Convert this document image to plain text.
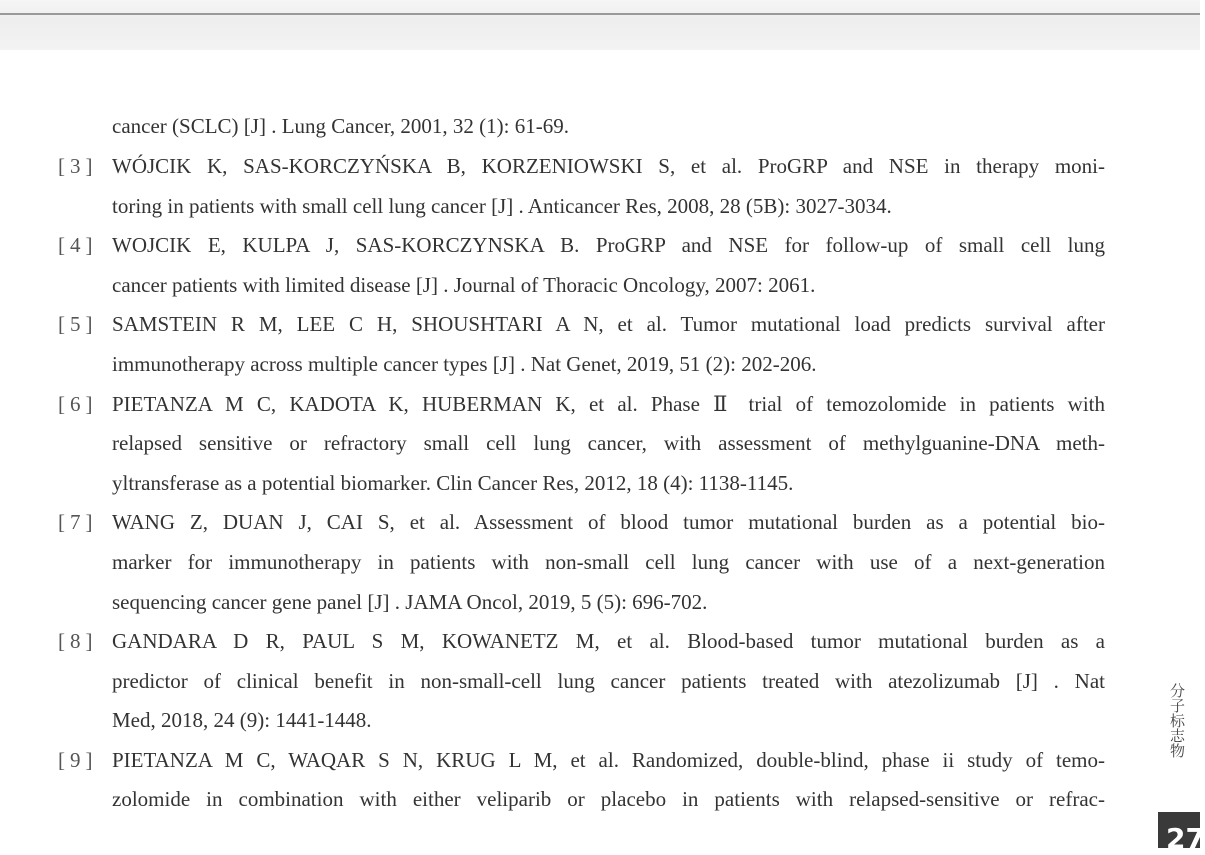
cancer (SCLC) [J] . Lung Cancer, 2001, 32 (1): 61-69.
[3] WÓJCIK K, SAS-KORCZYŃSKA B, KORZENIOWSKI S, et al. ProGRP and NSE in therapy moni-
toring in patients with small cell lung cancer [J] . Anticancer Res, 2008, 28 (5B): 3027-3034.
[4] WOJCIK E, KULPA J, SAS-KORCZYNSKA B. ProGRP and NSE for follow-up of small cell lung
cancer patients with limited disease [J] . Journal of Thoracic Oncology, 2007: 2061.
[5] SAMSTEIN R M, LEE C H, SHOUSHTARI A N, et al. Tumor mutational load predicts survival after
immunotherapy across multiple cancer types [J] . Nat Genet, 2019, 51 (2): 202-206.
[6] PIETANZA M C, KADOTA K, HUBERMAN K, et al. Phase Ⅱ trial of temozolomide in patients with
relapsed sensitive or refractory small cell lung cancer, with assessment of methylguanine-DNA meth-
yltransferase as a potential biomarker. Clin Cancer Res, 2012, 18 (4): 1138-1145.
[7] WANG Z, DUAN J, CAI S, et al. Assessment of blood tumor mutational burden as a potential bio-
marker for immunotherapy in patients with non-small cell lung cancer with use of a next-generation
sequencing cancer gene panel [J] . JAMA Oncol, 2019, 5 (5): 696-702.
[8] GANDARA D R, PAUL S M, KOWANETZ M, et al. Blood-based tumor mutational burden as a
predictor of clinical benefit in non-small-cell lung cancer patients treated with atezolizumab [J] . Nat
Med, 2018, 24 (9): 1441-1448.
[9] PIETANZA M C, WAQAR S N, KRUG L M, et al. Randomized, double-blind, phase ii study of temo-
zolomide in combination with either veliparib or placebo in patients with relapsed-sensitive or refrac-
分子标志物
27
